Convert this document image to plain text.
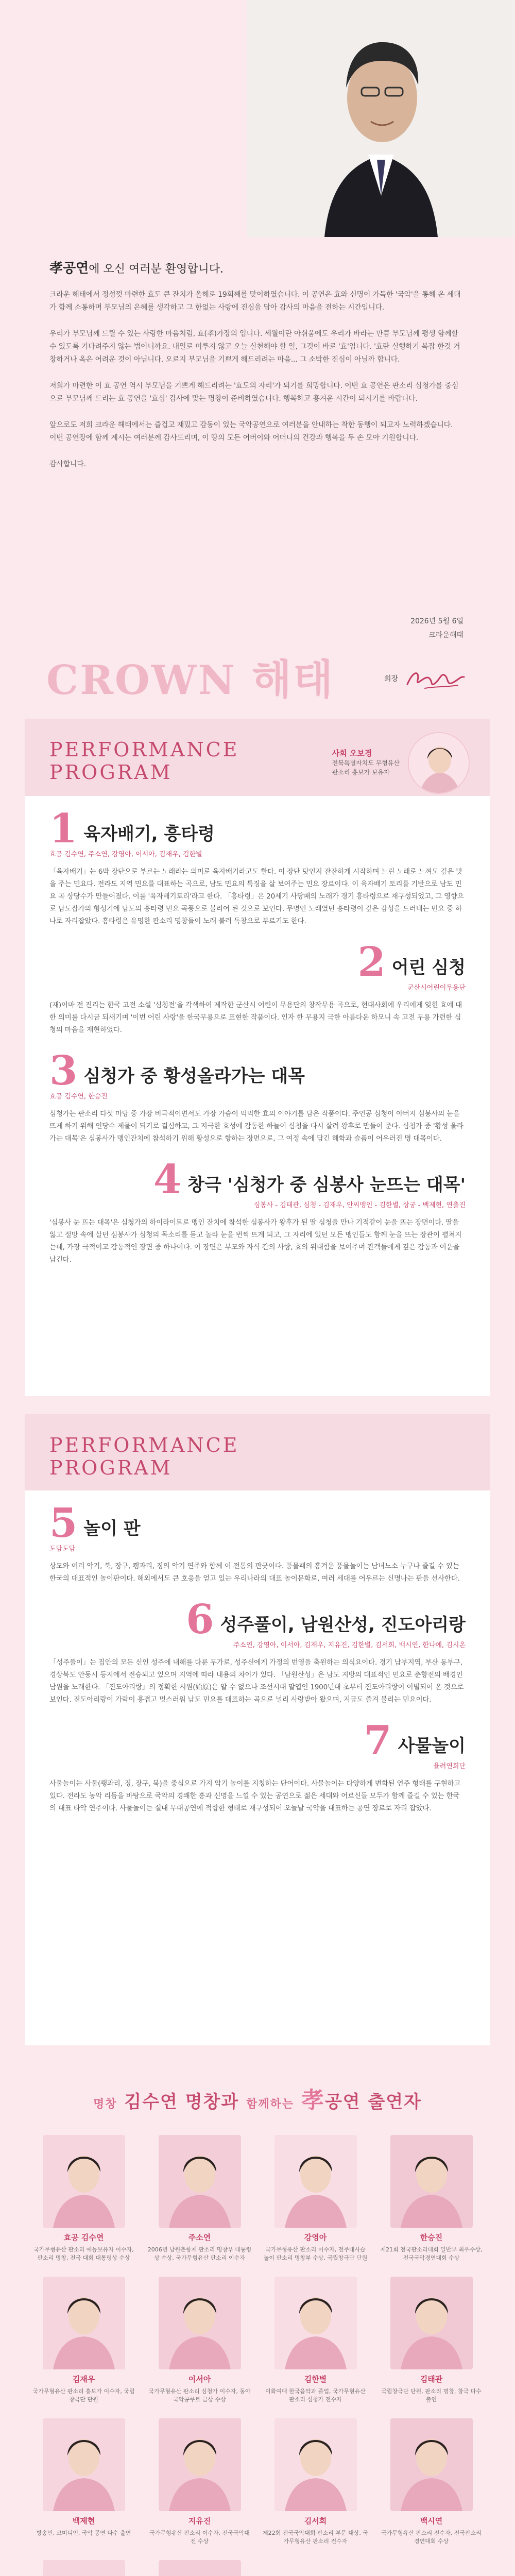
孝공연에 오신 여러분 환영합니다.

크라운 해태에서 정성껏 마련한 효도 큰 잔치가 올해로 19회째를 맞이하였습니다. 이 공연은 효와 신명이 가득한 '국악'을 통해 온 세대가 함께 소통하며 부모님의 은혜를 생각하고 그 한없는 사랑에 진심을 담아 감사의 마음을 전하는 시간입니다.

우리가 부모님께 드릴 수 있는 사랑한 마음처럼, 효(孝)가장의 입니다. 세월이란 아쉬움에도 우리가 바라는 만큼 부모님께 평생 함께할 수 있도록 기다려주지 않는 법이니까요. 내일로 미루지 않고 오늘 실천해야 할 일, 그것이 바로 '효'입니다. '효란 실행하기 복잡 한것 거창하거나 옥은 어려운 것이 아닙니다. 오로지 부모님을 기쁘게 해드리려는 마음... 그 소박한 진심이 아닐까 합니다.

저희가 마련한 이 효 공연 역시 부모님을 기쁘게 해드리려는 '효도의 자리'가 되기를 희망합니다. 이번 효 공연은 판소리 심청가를 중심으로 부모님께 드리는 효 공연을 '효심' 감사에 맞는 명창이 준비하였습니다. 행복하고 흥겨운 시간이 되시기를 바랍니다.

앞으로도 저희 크라운 해태에서는 즐겁고 재밌고 감동이 있는 국악공연으로 여러분을 안내하는 착한 동행이 되고자 노력하겠습니다. 이번 공연장에 함께 계시는 여러분께 감사드리며, 이 땅의 모든 어버이와 어머니의 건강과 행복을 두 손 모아 기원합니다.

감사합니다.

2026년 5월 6일
크라운해태
CROWN 해태	회장
PERFORMANCE
PROGRAM
사회 오보경
전북특별자치도 무형유산
판소리 흥보가 보유자
1 육자배기, 흥타령
효공 김수연, 주소연, 강영아, 이서아, 김재우, 김한별
「육자배기」는 6박 장단으로 부르는 노래라는 의미로 육자배기라고도 한다. 이 장단 탓인지 잔잔하게 시작하며 느린 노래로 느껴도 깊은 맛을 주는 민요다. 전라도 지역 민요를 대표하는 곡으로, 남도 민요의 특징을 살 보여주는 민요 장르이다. 이 육자배기 토리를 기반으로 남도 민요 곡 상당수가 만들어졌다. 이를 '육자배기토리'라고 한다. 「흥타령」은 20세기 사당패의 노래가 경기 흥타령으로 재구성되었고, 그 영향으로 남도잡가의 형성기에 남도의 흥타령 민요 곡풍으로 불리어 된 것으로 보인다. 무명인 노래였던 흥타령이 깊은 감성을 드러내는 민요 중 하나로 자리잡았다. 흥타령은 유명한 판소리 명창들이 노래 불러 독창으로 부르기도 한다.
2 어린 심청
군산시어린이무용단
(재)이마 전 진리는 한국 고전 소설 '심청전'을 각색하여 제작한 군산시 어린이 무용단의 창작무용 곡으로, 현대사회에 우리에게 잊힌 효에 대한 의미를 다시금 되새기며 '이번 어린 사랑'을 한국무용으로 표현한 작품이다. 인자 한 무용지 극한 아름다운 하모니 속 고전 무용 가련한 심청의 마음을 재현하였다.
3 심청가 중 황성올라가는 대목
효공 김수연, 한승진
심청가는 판소리 다섯 마당 중 가장 비극적이면서도 가장 가슴이 먹먹한 효의 이야기를 담은 작품이다. 주인공 심청이 아버지 심봉사의 눈을 뜨게 하기 위해 인당수 제물이 되기로 결심하고, 그 지극한 효성에 감동한 하늘이 심청을 다시 살려 왕후로 만들어 준다. 심청가 중 '황성 올라가는 대목'은 심봉사가 맹인잔치에 참석하기 위해 황성으로 향하는 장면으로, 그 여정 속에 담긴 해학과 슬픔이 어우러진 명 대목이다.
4 창극 '심청가 중 심봉사 눈뜨는 대목'
심봉사 - 김태관, 심청 - 김재우, 안씨맹인 - 김한별, 상궁 - 백제현, 연출진
'심봉사 눈 뜨는 대목'은 심청가의 하이라이트로 맹인 잔치에 참석한 심봉사가 왕후가 된 딸 심청을 만나 기적같이 눈을 뜨는 장면이다. 딸을 잃고 절망 속에 살던 심봉사가 심청의 목소리를 듣고 놀라 눈을 번쩍 뜨게 되고, 그 자리에 있던 모든 맹인들도 함께 눈을 뜨는 장관이 펼쳐지는데, 가장 극적이고 감동적인 장면 중 하나이다. 이 장면은 부모와 자식 간의 사랑, 효의 위대함을 보여주며 관객들에게 깊은 감동과 여운을 남긴다.
PERFORMANCE
PROGRAM
5 놀이 판
도담도담
상모와 여러 악기, 북, 장구, 꽹과리, 징의 악기 연주와 함께 이 전통의 판굿이다. 풍물패의 흥겨운 풍물놀이는 남녀노소 누구나 즐길 수 있는 한국의 대표적인 놀이판이다. 해외에서도 큰 호응을 얻고 있는 우리나라의 대표 놀이문화로, 여러 세대를 어우르는 신명나는 판을 선사한다.
6 성주풀이, 남원산성, 진도아리랑
주소연, 강영아, 이서아, 김재우, 지유진, 김한별, 김서희, 백시연, 한나예, 김시온
「성주풀이」는 집안의 모든 신인 성주에 내해를 다룬 무가로, 성주신에게 가정의 번영을 축원하는 의식요이다. 경기 남부지역, 부산 동부구, 경상북도 안동시 등지에서 전승되고 있으며 지역에 따라 내용의 차이가 있다. 「남원산성」은 남도 지방의 대표적인 민요로 춘향전의 배경인 남원을 노래한다. 「진도아리랑」의 정확한 시원(始原)은 알 수 없으나 조선시대 말엽인 1900년대 초부터 진도아리랑이 이별되어 온 것으로 보인다. 진도아리랑이 가락이 흥겹고 멋스러워 남도 민요를 대표하는 곡으로 널리 사랑받아 왔으며, 지금도 즐겨 불리는 민요이다.
7 사물놀이
율려연희단
사물놀이는 사물(꽹과리, 징, 장구, 북)을 중심으로 가지 악기 놀이를 지칭하는 단어이다. 사물놀이는 다양하게 변화된 연주 형태를 구현하고 있다. 전라도 농악 리듬을 바탕으로 국악의 경쾌한 흥과 신명을 느낄 수 있는 공연으로 젊은 세대와 어르신들 모두가 함께 즐길 수 있는 한국의 대표 타악 연주이다. 사물놀이는 실내 무대공연에 적합한 형태로 재구성되어 오늘날 국악을 대표하는 공연 장르로 자리 잡았다.
명창 김수연 명창과 함께하는 孝공연 출연자
효공 김수연
국가무형유산 판소리 예능보유자 이수자, 판소리 명창, 전국 대회 대통령상 수상
주소연
2006년 남원춘향제 판소리 명창부 대통령상 수상, 국가무형유산 판소리 이수자
강영아
국가무형유산 판소리 이수자, 전주대사습놀이 판소리 명창부 수상, 국립창극단 단원
한승진
제21회 전국판소리대회 일반부 최우수상, 전국국악경연대회 수상
김재우
국가무형유산 판소리 흥보가 이수자, 국립창극단 단원
이서아
국가무형유산 판소리 심청가 이수자, 동아국악콩쿠르 금상 수상
김한별
이화여대 한국음악과 졸업, 국가무형유산 판소리 심청가 전수자
김태관
국립창극단 단원, 판소리 명창, 창극 다수 출연
백제현
방송인, 코미디언, 국악 공연 다수 출연
지유진
국가무형유산 판소리 이수자, 전국국악대전 수상
김서희
제22회 전국국악대회 판소리 부문 대상, 국가무형유산 판소리 전수자
백시연
국가무형유산 판소리 전수자, 전국판소리경연대회 수상
